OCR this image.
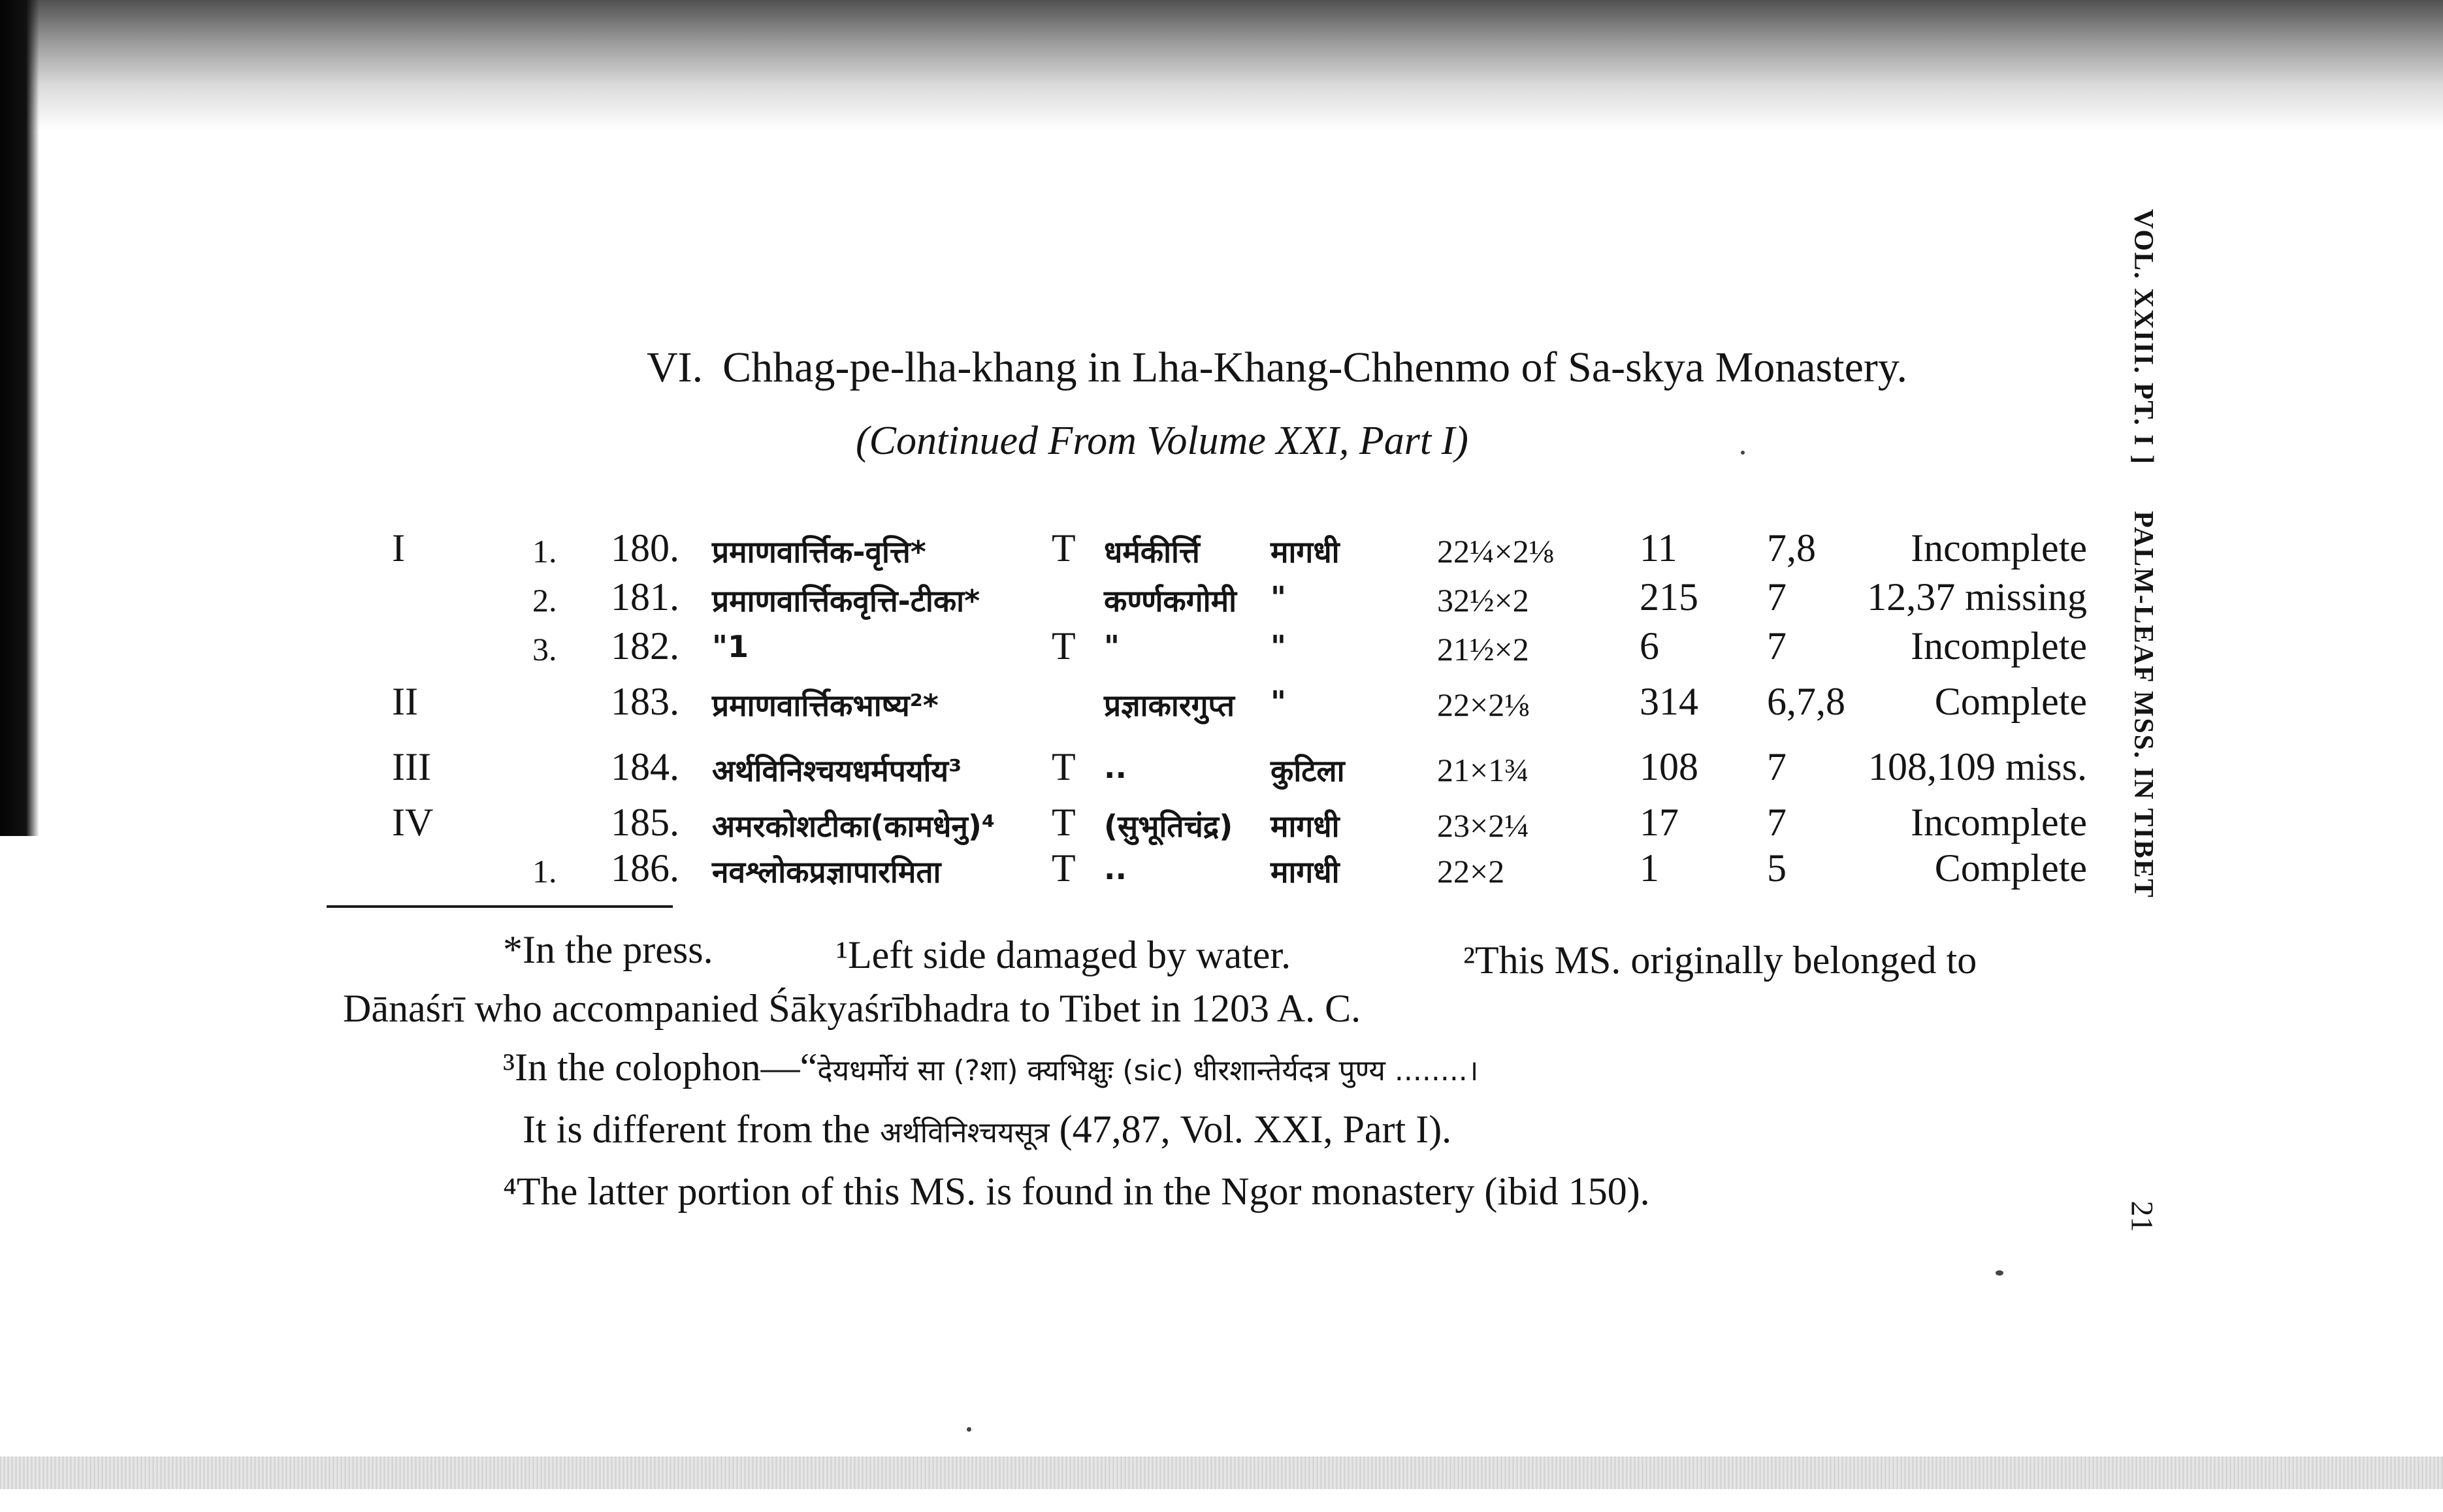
VI. Chhag-pe-lha-khang in Lha-Khang-Chhenmo of Sa-skya Monastery.
(Continued From Volume XXI, Part I)
I	1. 180. प्रमाणवार्त्तिक-वृत्ति*	T धर्मकीर्त्ति मागधी	22¼×2⅛ 11 7,8 Incomplete
2. 181. प्रमाणवार्त्तिकवृत्ति-टीका*	कर्ण्णकगोमी "	32½×2	215 7 12,37 missing
3. 182. "1	T "	"	21½×2	6	7	Incomplete
II	183. प्रमाणवार्त्तिकभाष्य²*	प्रज्ञाकारगुप्त "	22×2⅛	314 6,7,8 Complete
III	184. अर्थविनिश्चयधर्मपर्याय³ T ..	कुटिला	21×1¾	108 7 108,109 miss.
IV	185. अमरकोशटीका(कामधेनु)⁴ T (सुभूतिचंद्र) मागधी	23×2¼	17 7	Incomplete
1. 186. नवश्लोकप्रज्ञापारमिता	T ..	मागधी	22×2	1	5	Complete
*In the press.	¹Left side damaged by water.	²This MS. originally belonged to
Dānaśrī who accompanied Śākyaśrībhadra to Tibet in 1203 A. C.
³In the colophon—“देयधर्मोयं सा (?शा) क्यभिक्षुः (sic) धीरशान्तेर्यदत्र पुण्य ........।
It is different from the अर्थविनिश्चयसूत्र (47,87, Vol. XXI, Part I).
⁴The latter portion of this MS. is found in the Ngor monastery (ibid 150).
VOL. XXIII. PT. I ]PALM-LEAF MSS. IN TIBET
21
